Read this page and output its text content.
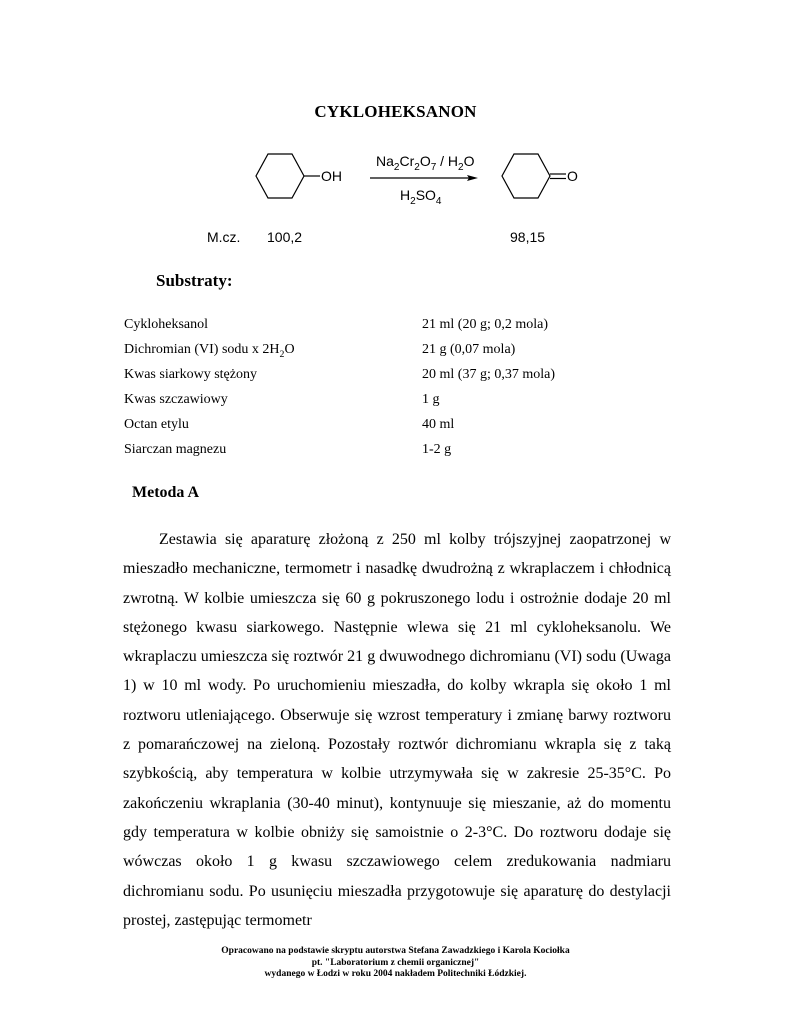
CYKLOHEKSANON
OH
$Na_2Cr_2O_7 / H_2O$
$H_2SO_4$
O
M.cz. 100,2	98,15
Substraty:
Cykloheksanol	21 ml (20 g; 0,2 mola)
Dichromian (VI) sodu x $2H_2O$	21 g (0,07 mola)
Kwas siarkowy stężony	20 ml (37 g; 0,37 mola)
Kwas szczawiowy	1 g
Octan etylu	40 ml
Siarczan magnezu	1-2 g
Metoda A
Zestawia się aparaturę złożoną z 250 ml kolby trójszyjnej zaopatrzonej w mieszadło mechaniczne, termometr i nasadkę dwudrożną z wkraplaczem i chłodnicą zwrotną. W kolbie umieszcza się 60 g pokruszonego lodu i ostrożnie dodaje 20 ml stężonego kwasu siarkowego. Następnie wlewa się 21 ml cykloheksanolu. We wkraplaczu umieszcza się roztwór 21 g dwuwodnego dichromianu (VI) sodu (Uwaga 1) w 10 ml wody. Po uruchomieniu mieszadła, do kolby wkrapla się około 1 ml roztworu utleniającego. Obserwuje się wzrost temperatury i zmianę barwy roztworu z pomarańczowej na zieloną. Pozostały roztwór dichromianu wkrapla się z taką szybkością, aby temperatura w kolbie utrzymywała się w zakresie 25-35°C. Po zakończeniu wkraplania (30-40 minut), kontynuuje się mieszanie, aż do momentu gdy temperatura w kolbie obniży się samoistnie o 2-3°C. Do roztworu dodaje się wówczas około 1 g kwasu szczawiowego celem zredukowania nadmiaru dichromianu sodu. Po usunięciu mieszadła przygotowuje się aparaturę do destylacji prostej, zastępując termometr
Opracowano na podstawie skryptu autorstwa Stefana Zawadzkiego i Karola Kociołka
pt. "Laboratorium z chemii organicznej"
wydanego w Łodzi w roku 2004 nakładem Politechniki Łódzkiej.
